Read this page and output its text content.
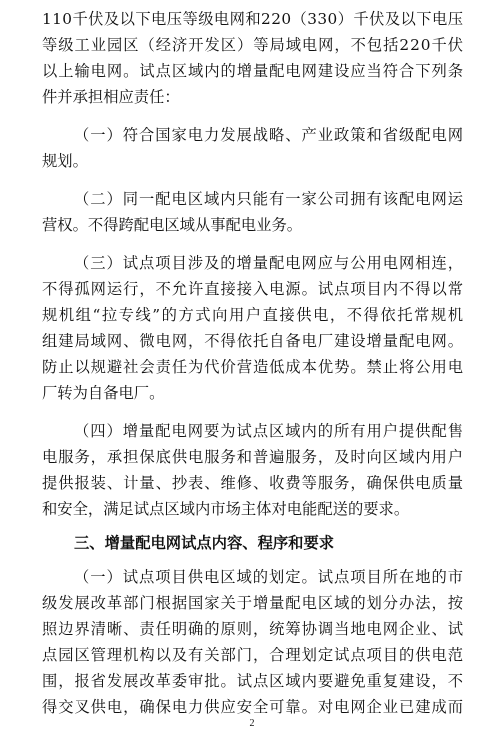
110千伏及以下电压等级电网和220（330）千伏及以下电压
等级工业园区（经济开发区）等局域电网，不包括220千伏
以上输电网。试点区域内的增量配电网建设应当符合下列条
件并承担相应责任：
（一）符合国家电力发展战略、产业政策和省级配电网
规划。
（二）同一配电区域内只能有一家公司拥有该配电网运
营权。不得跨配电区域从事配电业务。
（三）试点项目涉及的增量配电网应与公用电网相连，
不得孤网运行，不允许直接接入电源。试点项目内不得以常
规机组“拉专线”的方式向用户直接供电，不得依托常规机
组建局域网、微电网，不得依托自备电厂建设增量配电网。
防止以规避社会责任为代价营造低成本优势。禁止将公用电
厂转为自备电厂。
（四）增量配电网要为试点区域内的所有用户提供配售
电服务，承担保底供电服务和普遍服务，及时向区域内用户
提供报装、计量、抄表、维修、收费等服务，确保供电质量
和安全，满足试点区域内市场主体对电能配送的要求。
三、增量配电网试点内容、程序和要求
（一）试点项目供电区域的划定。试点项目所在地的市
级发展改革部门根据国家关于增量配电区域的划分办法，按
照边界清晰、责任明确的原则，统筹协调当地电网企业、试
点园区管理机构以及有关部门，合理划定试点项目的供电范
围，报省发展改革委审批。试点区域内要避免重复建设，不
得交叉供电，确保电力供应安全可靠。对电网企业已建成而
2
